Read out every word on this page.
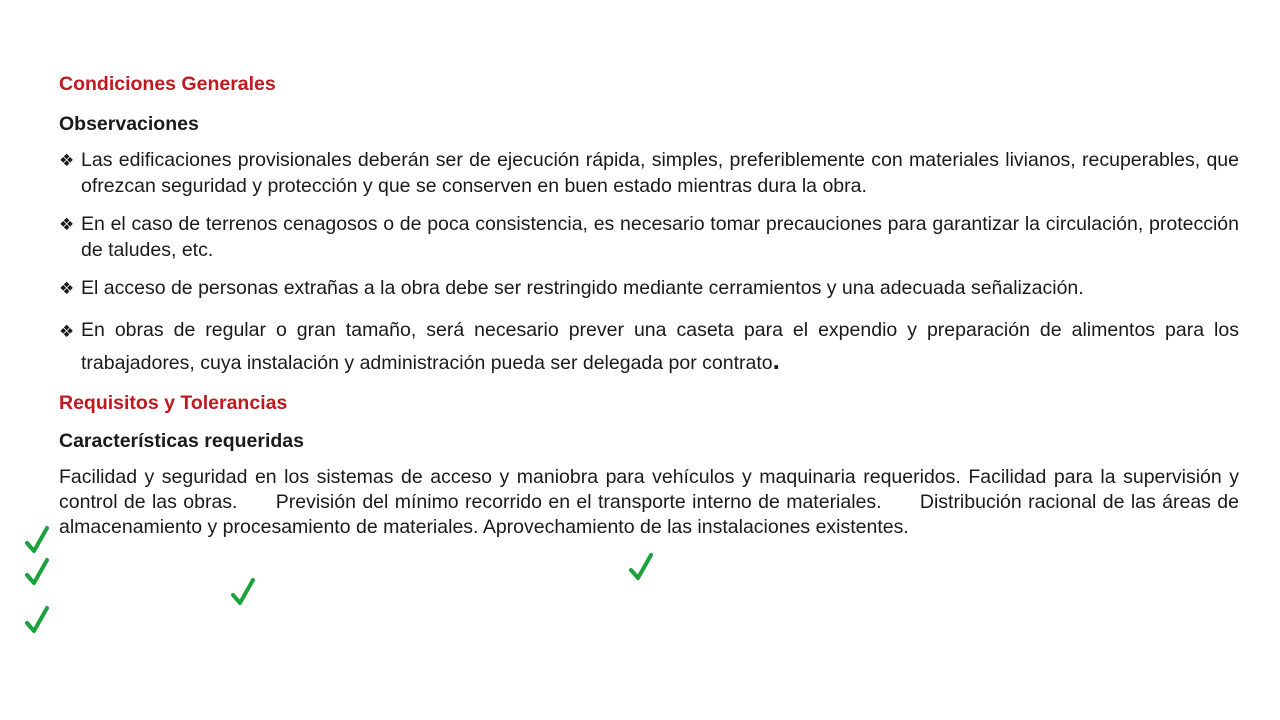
Condiciones Generales

Observaciones

❖ Las edificaciones provisionales deberán ser de ejecución rápida, simples, preferiblemente con materiales livianos, recuperables, que ofrezcan seguridad y protección y que se conserven en buen estado mientras dura la obra.
❖ En el caso de terrenos cenagosos o de poca consistencia, es necesario tomar precauciones para garantizar la circulación, protección de taludes, etc.
❖ El acceso de personas extrañas a la obra debe ser restringido mediante cerramientos y una adecuada señalización.
❖ En obras de regular o gran tamaño, será necesario prever una caseta para el expendio y preparación de alimentos para los trabajadores, cuya instalación y administración pueda ser delegada por contrato.

Requisitos y Tolerancias

Características requeridas

Facilidad y seguridad en los sistemas de acceso y maniobra para vehículos y maquinaria requeridos. Facilidad para la supervisión y control de las obras. Previsión del mínimo recorrido en el transporte interno de materiales. Distribución racional de las áreas de almacenamiento y procesamiento de materiales. Aprovechamiento de las instalaciones existentes.
